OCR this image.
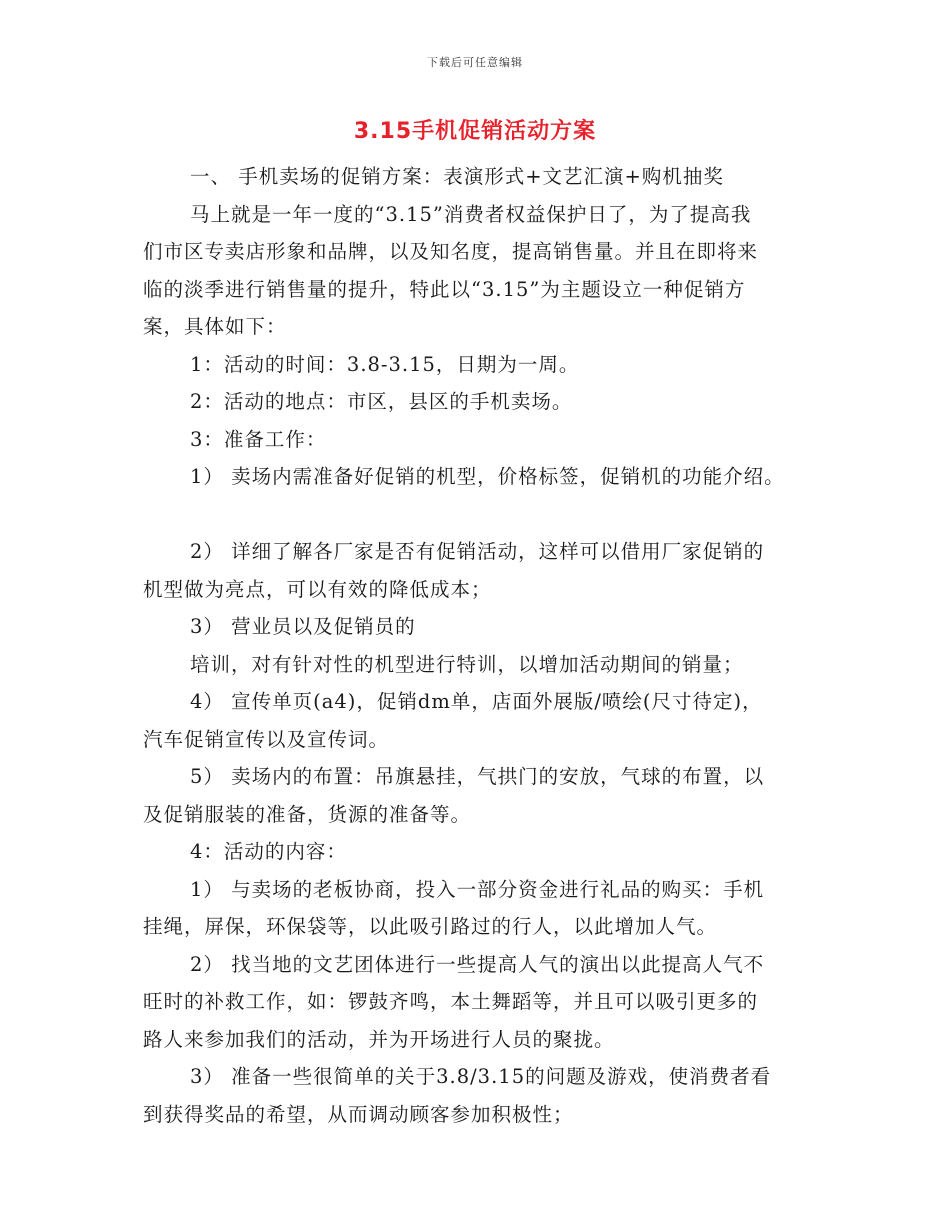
下载后可任意编辑
3.15手机促销活动方案
一、 手机卖场的促销方案：表演形式+文艺汇演+购机抽奖
马上就是一年一度的“3.15”消费者权益保护日了，为了提高我
们市区专卖店形象和品牌，以及知名度，提高销售量。并且在即将来
临的淡季进行销售量的提升，特此以“3.15”为主题设立一种促销方
案，具体如下：
1：活动的时间：3.8-3.15，日期为一周。
2：活动的地点：市区，县区的手机卖场。
3：准备工作：
1） 卖场内需准备好促销的机型，价格标签，促销机的功能介绍。
2） 详细了解各厂家是否有促销活动，这样可以借用厂家促销的
机型做为亮点，可以有效的降低成本；
3） 营业员以及促销员的
培训，对有针对性的机型进行特训，以增加活动期间的销量；
4） 宣传单页(a4)，促销dm单，店面外展版/喷绘(尺寸待定)，
汽车促销宣传以及宣传词。
5） 卖场内的布置：吊旗悬挂，气拱门的安放，气球的布置，以
及促销服装的准备，货源的准备等。
4：活动的内容：
1） 与卖场的老板协商，投入一部分资金进行礼品的购买：手机
挂绳，屏保，环保袋等，以此吸引路过的行人，以此增加人气。
2） 找当地的文艺团体进行一些提高人气的演出以此提高人气不
旺时的补救工作，如：锣鼓齐鸣，本土舞蹈等，并且可以吸引更多的
路人来参加我们的活动，并为开场进行人员的聚拢。
3） 准备一些很简单的关于3.8/3.15的问题及游戏，使消费者看
到获得奖品的希望，从而调动顾客参加积极性；
